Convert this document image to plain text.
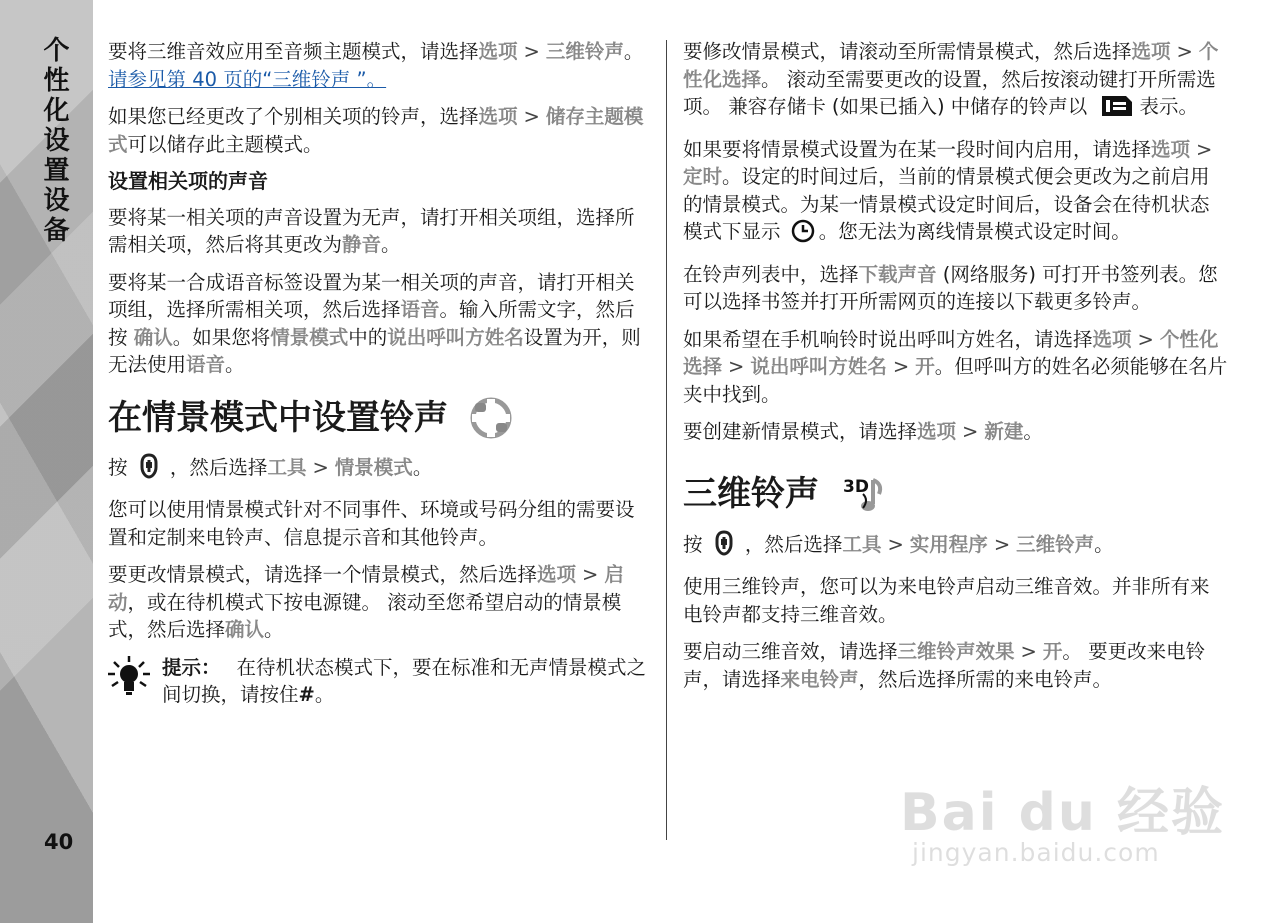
个性化设置设备
40

要将三维音效应用至音频主题模式，请选择选项 > 三维铃声。 请参见第 40 页的“三维铃声 ”。

如果您已经更改了个别相关项的铃声，选择选项 > 储存主题模式可以储存此主题模式。

设置相关项的声音

要将某一相关项的声音设置为无声，请打开相关项组，选择所需相关项，然后将其更改为静音。

要将某一合成语音标签设置为某一相关项的声音，请打开相关项组，选择所需相关项，然后选择语音。输入所需文字，然后按 确认。如果您将情景模式中的说出呼叫方姓名设置为开，则无法使用语音。

在情景模式中设置铃声

按 ，然后选择工具 > 情景模式。

您可以使用情景模式针对不同事件、环境或号码分组的需要设置和定制来电铃声、信息提示音和其他铃声。

要更改情景模式，请选择一个情景模式，然后选择选项 > 启动，或在待机模式下按电源键。 滚动至您希望启动的情景模式，然后选择确认。

提示： 在待机状态模式下，要在标准和无声情景模式之间切换，请按住#。

要修改情景模式，请滚动至所需情景模式，然后选择选项 > 个性化选择。 滚动至需要更改的设置，然后按滚动键打开所需选项。 兼容存储卡 (如果已插入) 中储存的铃声以	表示。

如果要将情景模式设置为在某一段时间内启用，请选择选项 >定时。设定的时间过后，当前的情景模式便会更改为之前启用的情景模式。为某一情景模式设定时间后，设备会在待机状态模式下显示 。您无法为离线情景模式设定时间。

在铃声列表中，选择下载声音 (网络服务) 可打开书签列表。您可以选择书签并打开所需网页的连接以下载更多铃声。

如果希望在手机响铃时说出呼叫方姓名，请选择选项 > 个性化选择 > 说出呼叫方姓名 > 开。但呼叫方的姓名必须能够在名片夹中找到。

要创建新情景模式，请选择选项 > 新建。

三维铃声 3D

按 ，然后选择工具 > 实用程序 > 三维铃声。

使用三维铃声，您可以为来电铃声启动三维音效。并非所有来电铃声都支持三维音效。

要启动三维音效，请选择三维铃声效果 > 开。 要更改来电铃声，请选择来电铃声，然后选择所需的来电铃声。

Bai du 经验
jingyan.baidu.com
